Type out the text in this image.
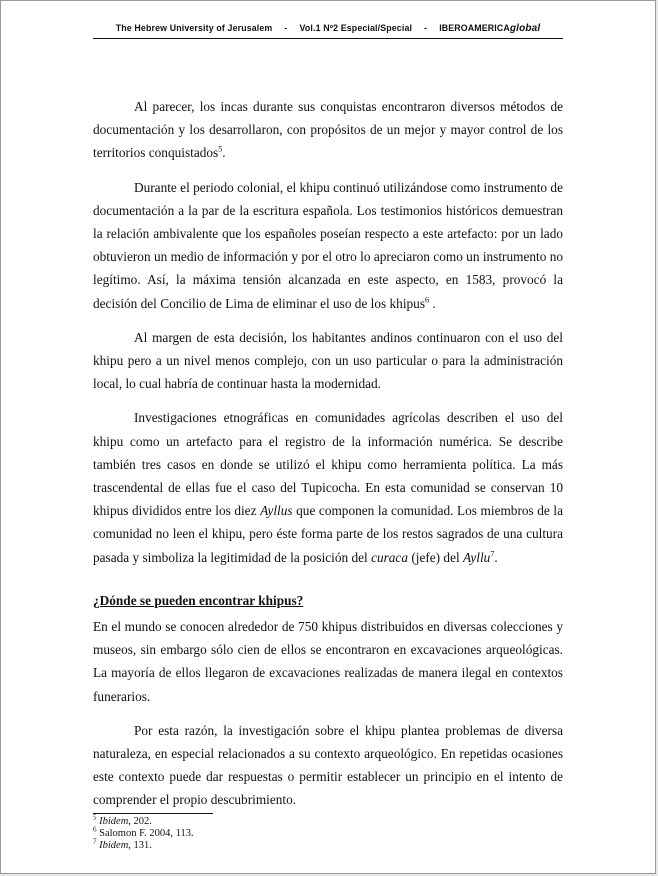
The Hebrew University of Jerusalem - Vol.1 Nº2 Especial/Special - IBEROAMERICAglobal

Al parecer, los incas durante sus conquistas encontraron diversos métodos de documentación y los desarrollaron, con propósitos de un mejor y mayor control de los territorios conquistados$^5$.

Durante el periodo colonial, el khipu continuó utilizándose como instrumento de documentación a la par de la escritura española. Los testimonios históricos demuestran la relación ambivalente que los españoles poseían respecto a este artefacto: por un lado obtuvieron un medio de información y por el otro lo apreciaron como un instrumento no legítimo. Así, la máxima tensión alcanzada en este aspecto, en 1583, provocó la decisión del Concilio de Lima de eliminar el uso de los khipus$^6$ .

Al margen de esta decisión, los habitantes andinos continuaron con el uso del khipu pero a un nivel menos complejo, con un uso particular o para la administración local, lo cual habría de continuar hasta la modernidad.

Investigaciones etnográficas en comunidades agrícolas describen el uso del khipu como un artefacto para el registro de la información numérica. Se describe también tres casos en donde se utilizó el khipu como herramienta política. La más trascendental de ellas fue el caso del Tupicocha. En esta comunidad se conservan 10 khipus divididos entre los diez Ayllus que componen la comunidad. Los miembros de la comunidad no leen el khipu, pero éste forma parte de los restos sagrados de una cultura pasada y simboliza la legitimidad de la posición del curaca (jefe) del Ayllu$^7$.

¿Dónde se pueden encontrar khipus?

En el mundo se conocen alrededor de 750 khipus distribuidos en diversas colecciones y museos, sin embargo sólo cien de ellos se encontraron en excavaciones arqueológicas. La mayoría de ellos llegaron de excavaciones realizadas de manera ilegal en contextos funerarios.

Por esta razón, la investigación sobre el khipu plantea problemas de diversa naturaleza, en especial relacionados a su contexto arqueológico. En repetidas ocasiones este contexto puede dar respuestas o permitir establecer un principio en el intento de comprender el propio descubrimiento.

$^5$ Ibidem, 202.
$^6$ Salomon F. 2004, 113.
$^7$ Ibidem, 131.
